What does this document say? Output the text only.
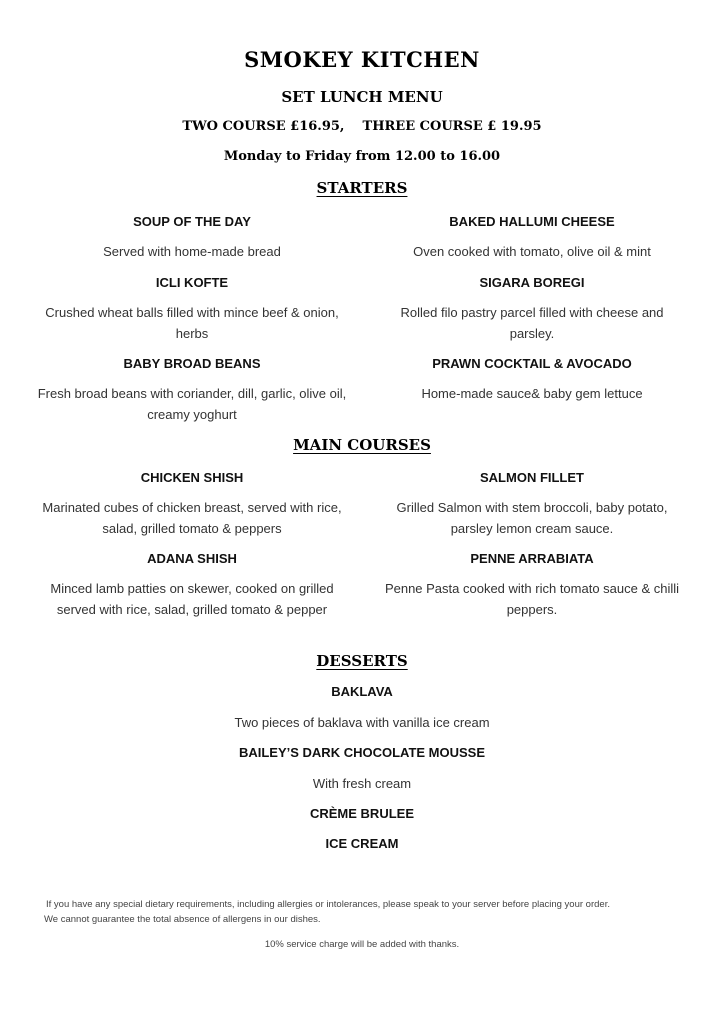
SMOKEY KITCHEN
SET LUNCH MENU
TWO COURSE £16.95,    THREE COURSE £ 19.95
Monday to Friday from 12.00 to 16.00
STARTERS
SOUP OF THE DAY
Served with home-made bread
BAKED HALLUMI CHEESE
Oven cooked with tomato, olive oil & mint
ICLI KOFTE
Crushed wheat balls filled with mince beef & onion, herbs
SIGARA BOREGI
Rolled filo pastry parcel filled with cheese and parsley.
BABY BROAD BEANS
Fresh broad beans with coriander, dill, garlic, olive oil, creamy yoghurt
PRAWN COCKTAIL & AVOCADO
Home-made sauce& baby gem lettuce
MAIN COURSES
CHICKEN SHISH
Marinated cubes of chicken breast, served with rice, salad, grilled tomato & peppers
SALMON FILLET
Grilled Salmon with stem broccoli, baby potato, parsley lemon cream sauce.
ADANA SHISH
Minced lamb patties on skewer, cooked on grilled served with rice, salad, grilled tomato & pepper
PENNE ARRABIATA
Penne Pasta cooked with rich tomato sauce & chilli peppers.
DESSERTS
BAKLAVA
Two pieces of baklava with vanilla ice cream
BAILEY’S DARK CHOCOLATE MOUSSE
With fresh cream
CRÈME BRULEE
ICE CREAM
If you have any special dietary requirements, including allergies or intolerances, please speak to your server before placing your order.
We cannot guarantee the total absence of allergens in our dishes.
10% service charge will be added with thanks.
